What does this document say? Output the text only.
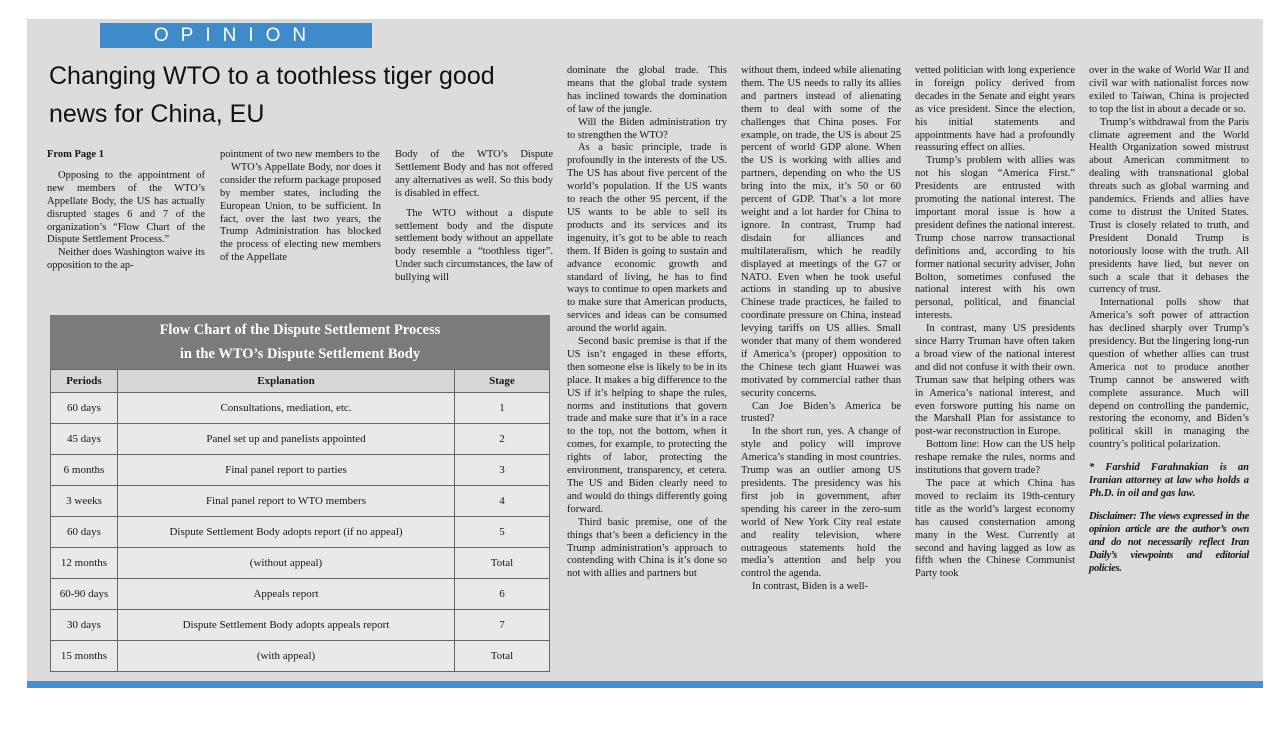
OPINION
Changing WTO to a toothless tiger good news for China, EU

From Page 1

Opposing to the appointment of new members of the WTO’s Appellate Body, the US has actually disrupted stages 6 and 7 of the organization’s “Flow Chart of the Dispute Settlement Process.”

Neither does Washington waive its opposition to the ap-

pointment of two new members to the

WTO’s Appellate Body, nor does it consider the reform package proposed by member states, including the European Union, to be sufficient. In fact, over the last two years, the Trump Administration has blocked the process of electing new members of the Appellate

Body of the WTO’s Dispute Settlement Body and has not offered any alternatives as well. So this body is disabled in effect.

The WTO without a dispute settlement body and the dispute settlement body without an appellate body resemble a “toothless tiger”. Under such circumstances, the law of bullying will

Flow Chart of the Dispute Settlement Process
in the WTO’s Dispute Settlement Body
Periods	Explanation	Stage
60 days	Consultations, mediation, etc.	1
45 days	Panel set up and panelists appointed	2
6 months	Final panel report to parties	3
3 weeks	Final panel report to WTO members	4
60 days	Dispute Settlement Body adopts report (if no appeal)	5
12 months	(without appeal)	Total
60-90 days	Appeals report	6
30 days	Dispute Settlement Body adopts appeals report	7
15 months	(with appeal)	Total

dominate the global trade. This means that the global trade system has inclined towards the domination of law of the jungle.

Will the Biden administration try to strengthen the WTO?

As a basic principle, trade is profoundly in the interests of the US. The US has about five percent of the world’s population. If the US wants to reach the other 95 percent, if the US wants to be able to sell its products and its services and its ingenuity, it’s got to be able to reach them. If Biden is going to sustain and advance economic growth and standard of living, he has to find ways to continue to open markets and to make sure that American products, services and ideas can be consumed around the world again.

Second basic premise is that if the US isn’t engaged in these efforts, then someone else is likely to be in its place. It makes a big difference to the US if it’s helping to shape the rules, norms and institutions that govern trade and make sure that it’s in a race to the top, not the bottom, when it comes, for example, to protecting the rights of labor, protecting the environment, transparency, et cetera. The US and Biden clearly need to and would do things differently going forward.

Third basic premise, one of the things that’s been a deficiency in the Trump administration’s approach to contending with China is it’s done so not with allies and partners but

without them, indeed while alienating them. The US needs to rally its allies and partners instead of alienating them to deal with some of the challenges that China poses. For example, on trade, the US is about 25 percent of world GDP alone. When the US is working with allies and partners, depending on who the US bring into the mix, it’s 50 or 60 percent of GDP. That’s a lot more weight and a lot harder for China to ignore. In contrast, Trump had disdain for alliances and multilateralism, which he readily displayed at meetings of the G7 or NATO. Even when he took useful actions in standing up to abusive Chinese trade practices, he failed to coordinate pressure on China, instead levying tariffs on US allies. Small wonder that many of them wondered if America’s (proper) opposition to the Chinese tech giant Huawei was motivated by commercial rather than security concerns.

Can Joe Biden’s America be trusted?

In the short run, yes. A change of style and policy will improve America’s standing in most countries. Trump was an outlier among US presidents. The presidency was his first job in government, after spending his career in the zero-sum world of New York City real estate and reality television, where outrageous statements hold the media’s attention and help you control the agenda.

In contrast, Biden is a well-

vetted politician with long experience in foreign policy derived from decades in the Senate and eight years as vice president. Since the election, his initial statements and appointments have had a profoundly reassuring effect on allies.

Trump’s problem with allies was not his slogan “America First.” Presidents are entrusted with promoting the national interest. The important moral issue is how a president defines the national interest. Trump chose narrow transactional definitions and, according to his former national security adviser, John Bolton, sometimes confused the national interest with his own personal, political, and financial interests.

In contrast, many US presidents since Harry Truman have often taken a broad view of the national interest and did not confuse it with their own. Truman saw that helping others was in America’s national interest, and even forswore putting his name on the Marshall Plan for assistance to post-war reconstruction in Europe.

Bottom line: How can the US help reshape remake the rules, norms and institutions that govern trade?

The pace at which China has moved to reclaim its 19th-century title as the world’s largest economy has caused consternation among many in the West. Currently at second and having lagged as low as fifth when the Chinese Communist Party took

over in the wake of World War II and civil war with nationalist forces now exiled to Taiwan, China is projected to top the list in about a decade or so.

Trump’s withdrawal from the Paris climate agreement and the World Health Organization sowed mistrust about American commitment to dealing with transnational global threats such as global warming and pandemics. Friends and allies have come to distrust the United States. Trust is closely related to truth, and President Donald Trump is notoriously loose with the truth. All presidents have lied, but never on such a scale that it debases the currency of trust.

International polls show that America’s soft power of attraction has declined sharply over Trump’s presidency. But the lingering long-run question of whether allies can trust America not to produce another Trump cannot be answered with complete assurance. Much will depend on controlling the pandemic, restoring the economy, and Biden’s political skill in managing the country’s political polarization.

* Farshid Farahnakian is an Iranian attorney at law who holds a Ph.D. in oil and gas law.

Disclaimer: The views expressed in the opinion article are the author’s own and do not necessarily reflect Iran Daily’s viewpoints and editorial policies.
